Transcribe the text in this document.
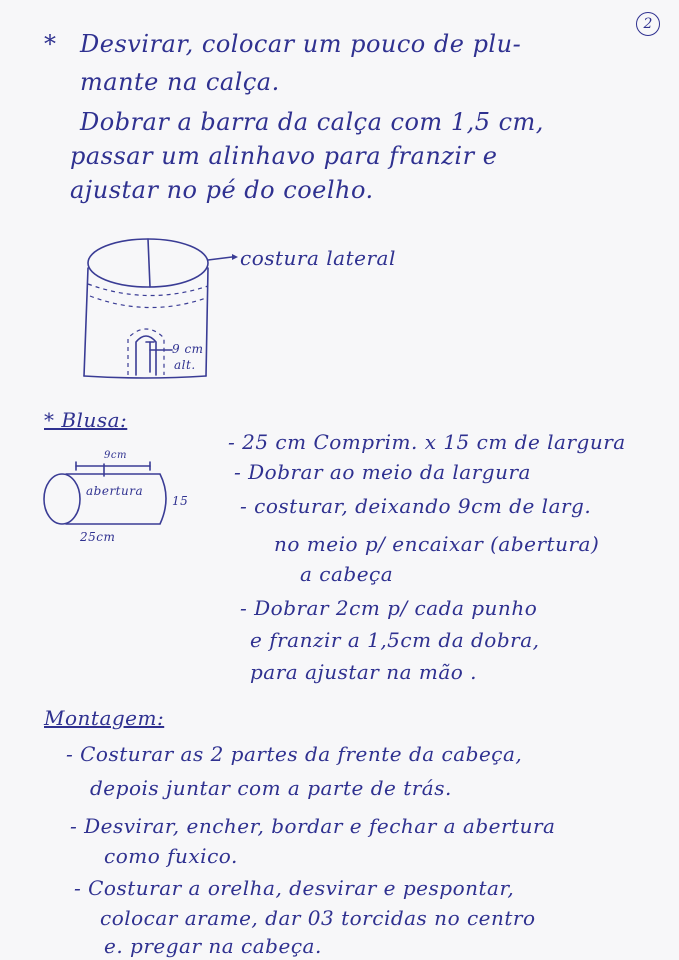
2
* Desvirar, colocar um pouco de plu-
mante na calça.
Dobrar a barra da calça com 1,5 cm,
passar um alinhavo para franzir e
ajustar no pé do coelho.
costura lateral
9 cm
alt.
* Blusa:
9cm
abertura
15
25cm
- 25 cm Comprim. x 15 cm de largura
- Dobrar ao meio da largura
- costurar, deixando 9cm de larg.
no meio p/ encaixar (abertura)
a cabeça
- Dobrar 2cm p/ cada punho
e franzir a 1,5cm da dobra,
para ajustar na mão .
Montagem:
- Costurar as 2 partes da frente da cabeça,
depois juntar com a parte de trás.
- Desvirar, encher, bordar e fechar a abertura
como fuxico.
- Costurar a orelha, desvirar e pespontar,
colocar arame, dar 03 torcidas no centro
e. pregar na cabeça.
